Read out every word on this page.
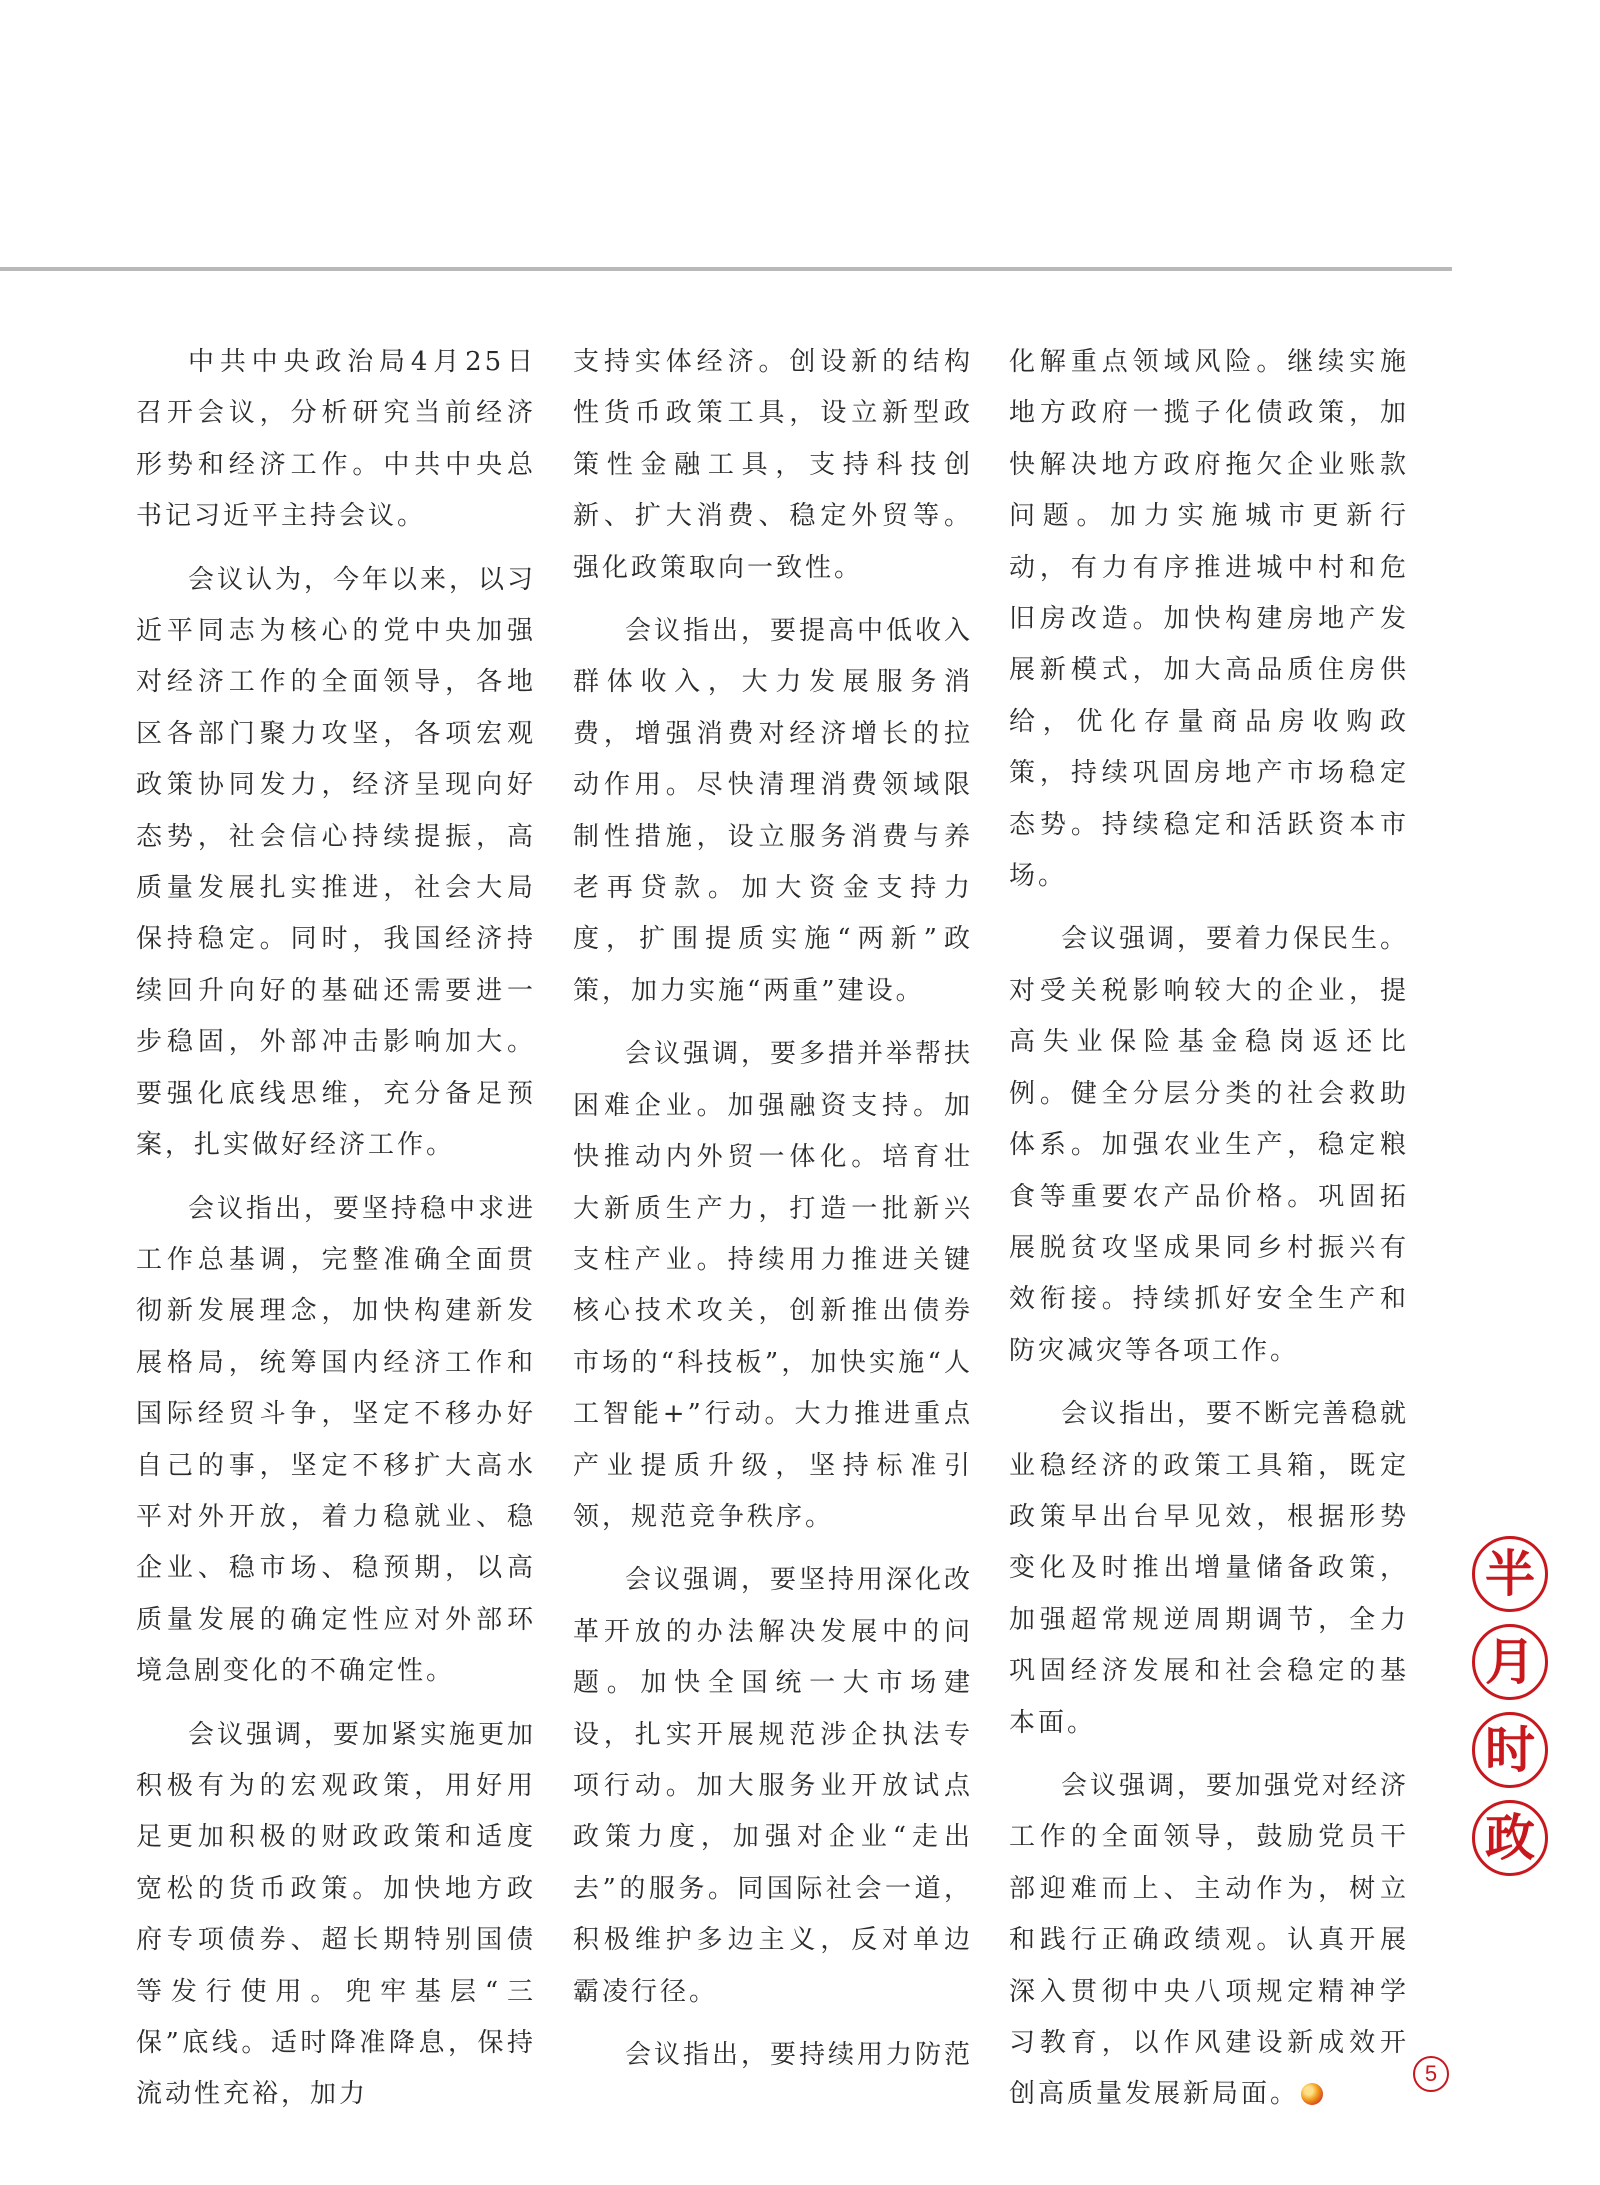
中共中央政治局4月25日召开会议，分析研究当前经济形势和经济工作。中共中央总书记习近平主持会议。

会议认为，今年以来，以习近平同志为核心的党中央加强对经济工作的全面领导，各地区各部门聚力攻坚，各项宏观政策协同发力，经济呈现向好态势，社会信心持续提振，高质量发展扎实推进，社会大局保持稳定。同时，我国经济持续回升向好的基础还需要进一步稳固，外部冲击影响加大。要强化底线思维，充分备足预案，扎实做好经济工作。

会议指出，要坚持稳中求进工作总基调，完整准确全面贯彻新发展理念，加快构建新发展格局，统筹国内经济工作和国际经贸斗争，坚定不移办好自己的事，坚定不移扩大高水平对外开放，着力稳就业、稳企业、稳市场、稳预期，以高质量发展的确定性应对外部环境急剧变化的不确定性。

会议强调，要加紧实施更加积极有为的宏观政策，用好用足更加积极的财政政策和适度宽松的货币政策。加快地方政府专项债券、超长期特别国债等发行使用。兜牢基层“三保”底线。适时降准降息，保持流动性充裕，加力

支持实体经济。创设新的结构性货币政策工具，设立新型政策性金融工具，支持科技创新、扩大消费、稳定外贸等。强化政策取向一致性。

会议指出，要提高中低收入群体收入，大力发展服务消费，增强消费对经济增长的拉动作用。尽快清理消费领域限制性措施，设立服务消费与养老再贷款。加大资金支持力度，扩围提质实施“两新”政策，加力实施“两重”建设。

会议强调，要多措并举帮扶困难企业。加强融资支持。加快推动内外贸一体化。培育壮大新质生产力，打造一批新兴支柱产业。持续用力推进关键核心技术攻关，创新推出债券市场的“科技板”，加快实施“人工智能+”行动。大力推进重点产业提质升级，坚持标准引领，规范竞争秩序。

会议强调，要坚持用深化改革开放的办法解决发展中的问题。加快全国统一大市场建设，扎实开展规范涉企执法专项行动。加大服务业开放试点政策力度，加强对企业“走出去”的服务。同国际社会一道，积极维护多边主义，反对单边霸凌行径。

会议指出，要持续用力防范

化解重点领域风险。继续实施地方政府一揽子化债政策，加快解决地方政府拖欠企业账款问题。加力实施城市更新行动，有力有序推进城中村和危旧房改造。加快构建房地产发展新模式，加大高品质住房供给，优化存量商品房收购政策，持续巩固房地产市场稳定态势。持续稳定和活跃资本市场。

会议强调，要着力保民生。对受关税影响较大的企业，提高失业保险基金稳岗返还比例。健全分层分类的社会救助体系。加强农业生产，稳定粮食等重要农产品价格。巩固拓展脱贫攻坚成果同乡村振兴有效衔接。持续抓好安全生产和防灾减灾等各项工作。

会议指出，要不断完善稳就业稳经济的政策工具箱，既定政策早出台早见效，根据形势变化及时推出增量储备政策，加强超常规逆周期调节，全力巩固经济发展和社会稳定的基本面。

会议强调，要加强党对经济工作的全面领导，鼓励党员干部迎难而上、主动作为，树立和践行正确政绩观。认真开展深入贯彻中央八项规定精神学习教育，以作风建设新成效开创高质量发展新局面。

半
月
时
政
5
